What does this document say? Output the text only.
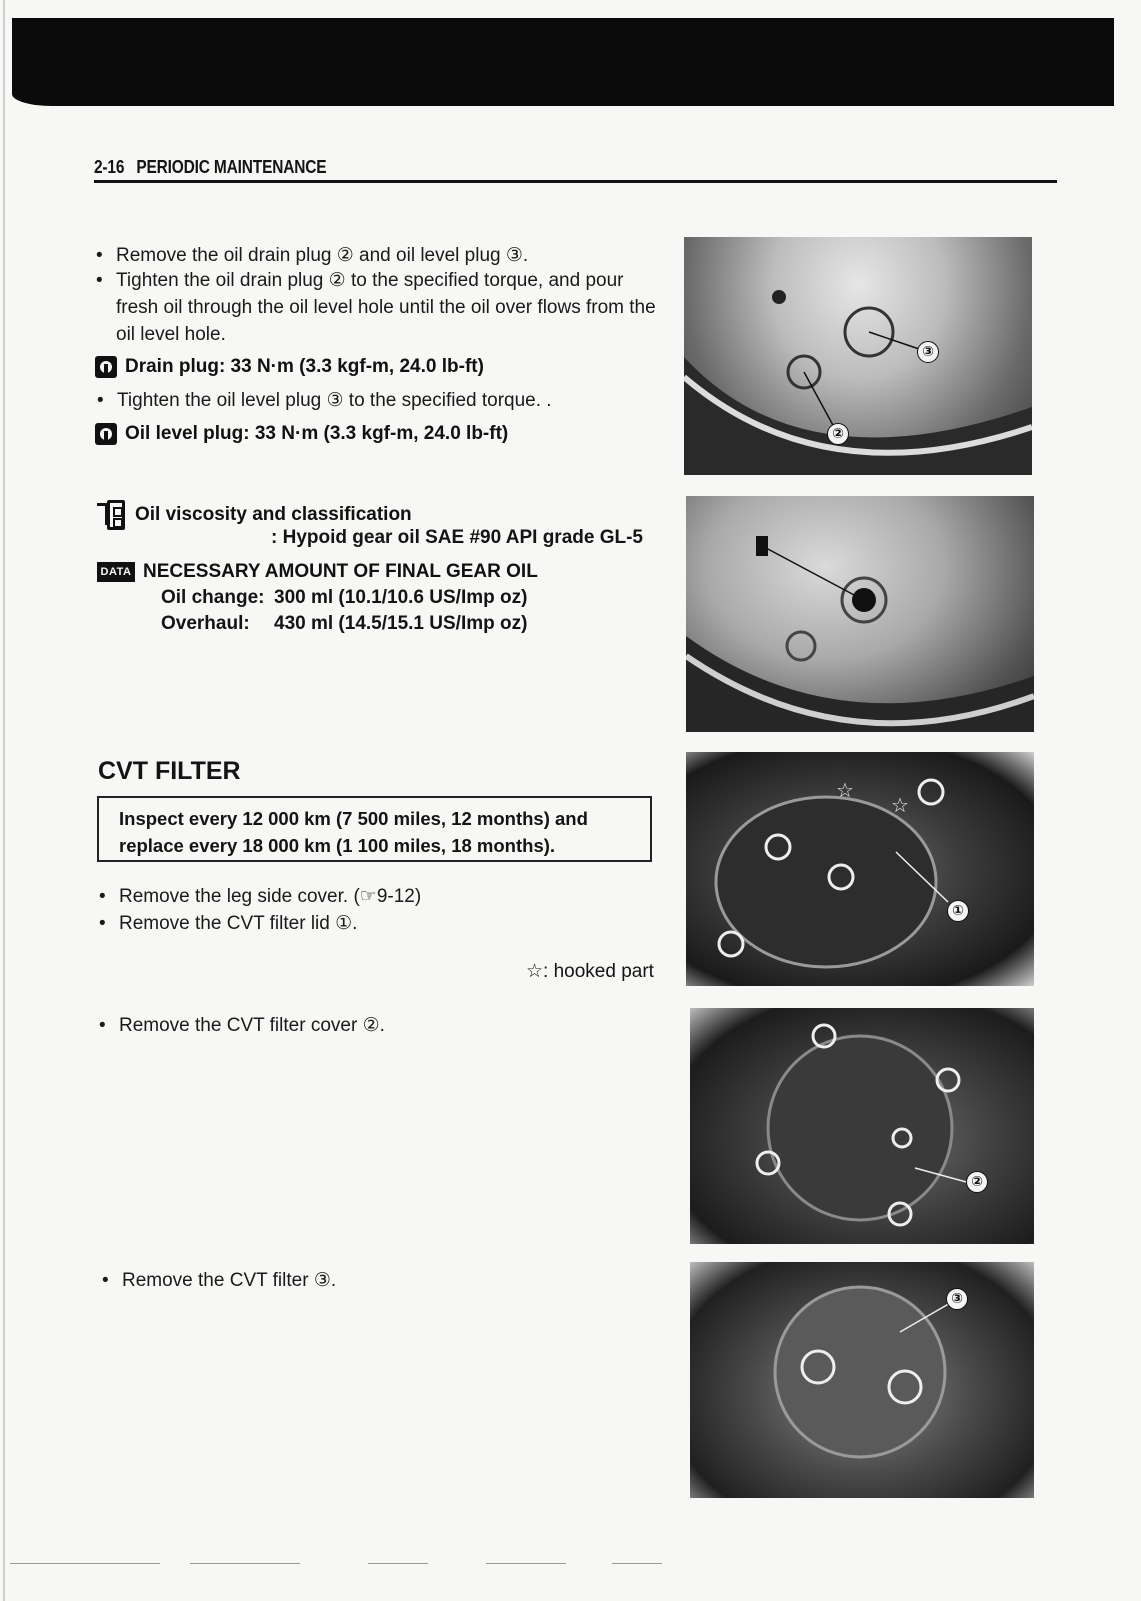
2-16 PERIODIC MAINTENANCE
• Remove the oil drain plug ② and oil level plug ③.
• Tighten the oil drain plug ② to the specified torque, and pour fresh oil through the oil level hole until the oil over flows from the oil level hole.
Drain plug: 33 N·m (3.3 kgf-m, 24.0 lb-ft)
• Tighten the oil level plug ③ to the specified torque. .
Oil level plug: 33 N·m (3.3 kgf-m, 24.0 lb-ft)
Oil viscosity and classification
: Hypoid gear oil SAE #90 API grade GL-5
DATA NECESSARY AMOUNT OF FINAL GEAR OIL
Oil change: 300 ml (10.1/10.6 US/Imp oz)
Overhaul: 430 ml (14.5/15.1 US/Imp oz)
CVT FILTER
Inspect every 12 000 km (7 500 miles, 12 months) and
replace every 18 000 km (1 100 miles, 18 months).
• Remove the leg side cover. (☞9-12)
• Remove the CVT filter lid ①.
☆: hooked part
• Remove the CVT filter cover ②.
• Remove the CVT filter ③.
③
②
☆
☆
①
②
③
